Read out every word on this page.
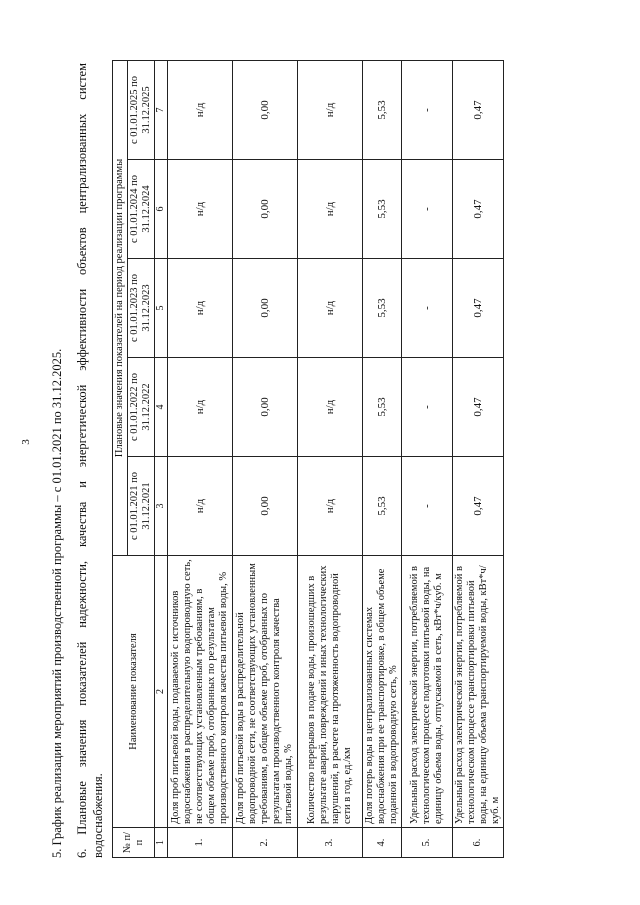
3 5. График реализации мероприятий производственной программы – с 01.01.2021 по 31.12.2025. 6. Плановые значения показателей надежности, качества и энергетической эффективности объектов централизованных систем водоснабжения. № п/п	Наименование показателя	Плановые значения показателей на период реализации программы				
		с 01.01.2021 по 31.12.2021	с 01.01.2022 по 31.12.2022	с 01.01.2023 по 31.12.2023	с 01.01.2024 по 31.12.2024	с 01.01.2025 по 31.12.2025
1	2	3	4	5	6	7
1.	Доля проб питьевой воды, подаваемой с источников водоснабжения в распределительную водопроводную сеть, не соответствующих установленным требованиям, в общем объеме проб, отобранных по результатам производственного контроля качества питьевой воды, %	н/д	н/д	н/д	н/д	н/д
2.	Доля проб питьевой воды в распределительной водопроводной сети, не соответствующих установленным требованиям, в общем объеме проб, отобранных по результатам производственного контроля качества питьевой воды, %	0,00	0,00	0,00	0,00	0,00
3.	Количество перерывов в подаче воды, произошедших в результате аварий, повреждений и иных технологических нарушений, в расчете на протяженность водопроводной сети в год, ед./км	н/д	н/д	н/д	н/д	н/д
4.	Доля потерь воды в централизованных системах водоснабжения при ее транспортировке, в общем объеме поданной в водопроводную сеть, %	5,53	5,53	5,53	5,53	5,53
5.	Удельный расход электрической энергии, потребляемой в технологическом процессе подготовки питьевой воды, на единицу объема воды, отпускаемой в сеть, кВт*ч/куб. м	-	-	-	-	-
6.	Удельный расход электрической энергии, потребляемой в технологическом процессе транспортировки питьевой воды, на единицу объема транспортируемой воды, кВт*ч/куб. м	0,47	0,47	0,47	0,47	0,47
